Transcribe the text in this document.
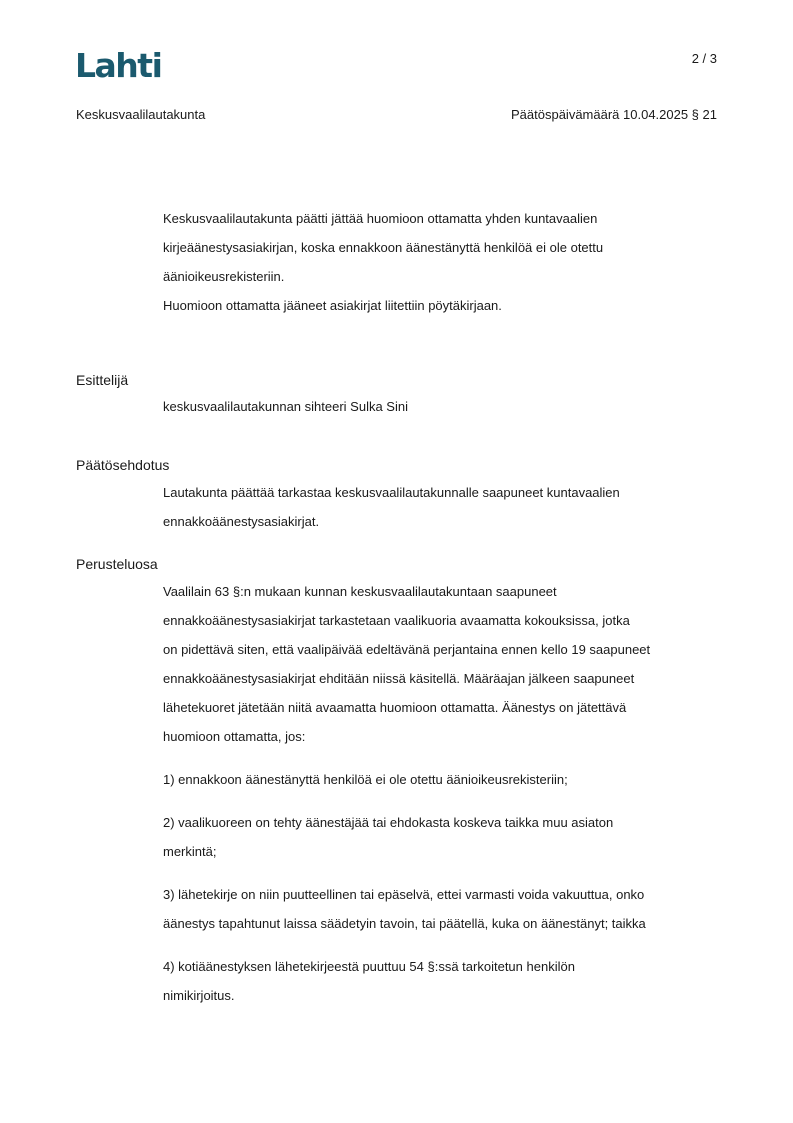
Lahti	2 / 3
Keskusvaalilautakunta	Päätöspäivämäärä 10.04.2025 § 21

Keskusvaalilautakunta päätti jättää huomioon ottamatta yhden kuntavaalien

kirjeäänestysasiakirjan, koska ennakkoon äänestänyttä henkilöä ei ole otettu

äänioikeusrekisteriin.

Huomioon ottamatta jääneet asiakirjat liitettiin pöytäkirjaan.

Esittelijä

keskusvaalilautakunnan sihteeri Sulka Sini

Päätösehdotus

Lautakunta päättää tarkastaa keskusvaalilautakunnalle saapuneet kuntavaalien

ennakkoäänestysasiakirjat.

Perusteluosa

Vaalilain 63 §:n mukaan kunnan keskusvaalilautakuntaan saapuneet

ennakkoäänestysasiakirjat tarkastetaan vaalikuoria avaamatta kokouksissa, jotka

on pidettävä siten, että vaalipäivää edeltävänä perjantaina ennen kello 19 saapuneet

ennakkoäänestysasiakirjat ehditään niissä käsitellä. Määräajan jälkeen saapuneet

lähetekuoret jätetään niitä avaamatta huomioon ottamatta. Äänestys on jätettävä

huomioon ottamatta, jos:

1) ennakkoon äänestänyttä henkilöä ei ole otettu äänioikeusrekisteriin;

2) vaalikuoreen on tehty äänestäjää tai ehdokasta koskeva taikka muu asiaton

merkintä;

3) lähetekirje on niin puutteellinen tai epäselvä, ettei varmasti voida vakuuttua, onko

äänestys tapahtunut laissa säädetyin tavoin, tai päätellä, kuka on äänestänyt; taikka

4) kotiäänestyksen lähetekirjeestä puuttuu 54 §:ssä tarkoitetun henkilön

nimikirjoitus.
